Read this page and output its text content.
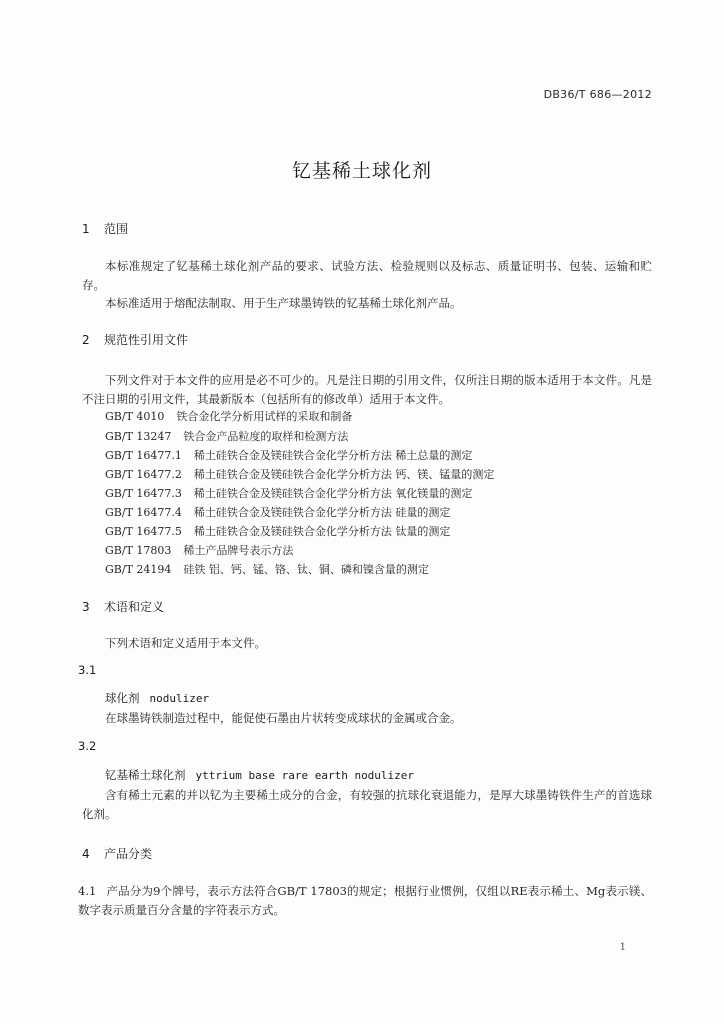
DB36/T 686—2012
钇基稀土球化剂
1 范围
本标准规定了钇基稀土球化剂产品的要求、试验方法、检验规则以及标志、质量证明书、包装、运输和贮存。
本标准适用于熔配法制取、用于生产球墨铸铁的钇基稀土球化剂产品。
2 规范性引用文件
下列文件对于本文件的应用是必不可少的。凡是注日期的引用文件，仅所注日期的版本适用于本文件。凡是不注日期的引用文件，其最新版本（包括所有的修改单）适用于本文件。
GB/T 4010 铁合金化学分析用试样的采取和制备
GB/T 13247 铁合金产品粒度的取样和检测方法
GB/T 16477.1 稀土硅铁合金及镁硅铁合金化学分析方法 稀土总量的测定
GB/T 16477.2 稀土硅铁合金及镁硅铁合金化学分析方法 钙、镁、锰量的测定
GB/T 16477.3 稀土硅铁合金及镁硅铁合金化学分析方法 氧化镁量的测定
GB/T 16477.4 稀土硅铁合金及镁硅铁合金化学分析方法 硅量的测定
GB/T 16477.5 稀土硅铁合金及镁硅铁合金化学分析方法 钛量的测定
GB/T 17803 稀土产品牌号表示方法
GB/T 24194 硅铁 铝、钙、锰、铬、钛、铜、磷和镍含量的测定
3 术语和定义
下列术语和定义适用于本文件。
3.1
球化剂 nodulizer
在球墨铸铁制造过程中，能促使石墨由片状转变成球状的金属或合金。
3.2
钇基稀土球化剂 yttrium base rare earth nodulizer
含有稀土元素的并以钇为主要稀土成分的合金，有较强的抗球化衰退能力，是厚大球墨铸铁件生产的首选球化剂。
4 产品分类
4.1 产品分为9个牌号，表示方法符合GB/T 17803的规定；根据行业惯例，仅组以RE表示稀土、Mg表示镁、数字表示质量百分含量的字符表示方式。
1
